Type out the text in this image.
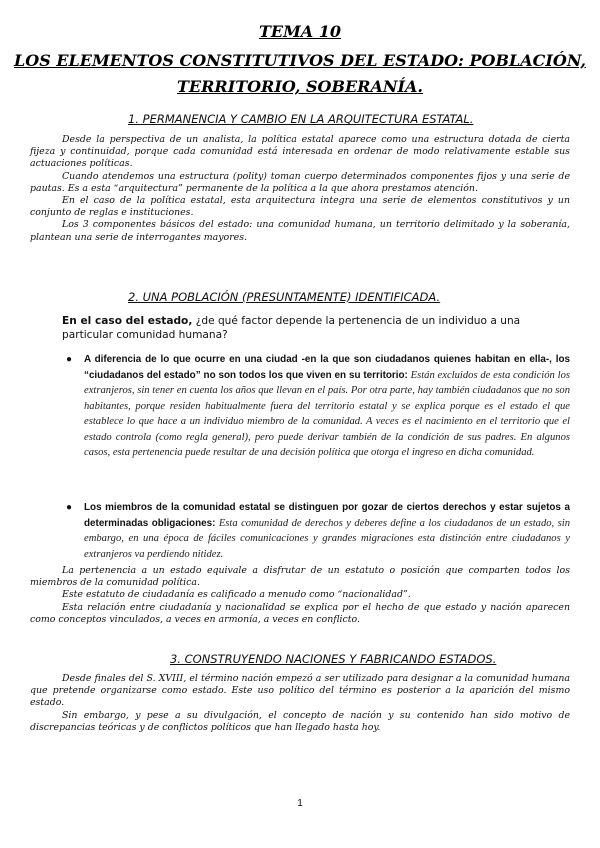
TEMA 10
LOS ELEMENTOS CONSTITUTIVOS DEL ESTADO: POBLACIÓN, TERRITORIO, SOBERANÍA.
1. PERMANENCIA Y CAMBIO EN LA ARQUITECTURA ESTATAL.

Desde la perspectiva de un analista, la política estatal aparece como una estructura dotada de cierta fijeza y continuidad, porque cada comunidad está interesada en ordenar de modo relativamente estable sus actuaciones políticas.

Cuando atendemos una estructura (polity) toman cuerpo determinados componentes fijos y una serie de pautas. Es a esta “arquitectura” permanente de la política a la que ahora prestamos atención.

En el caso de la política estatal, esta arquitectura integra una serie de elementos constitutivos y un conjunto de reglas e instituciones.

Los 3 componentes básicos del estado: una comunidad humana, un territorio delimitado y la soberanía, plantean una serie de interrogantes mayores.

2. UNA POBLACIÓN (PRESUNTAMENTE) IDENTIFICADA.
En el caso del estado, ¿de qué factor depende la pertenencia de un individuo a una particular comunidad humana?
● A diferencia de lo que ocurre en una ciudad -en la que son ciudadanos quienes habitan en ella-, los “ciudadanos del estado” no son todos los que viven en su territorio: Están excluidos de esta condición los extranjeros, sin tener en cuenta los años que llevan en el país. Por otra parte, hay también ciudadanos que no son habitantes, porque residen habitualmente fuera del territorio estatal y se explica porque es el estado el que establece lo que hace a un individuo miembro de la comunidad. A veces es el nacimiento en el territorio que el estado controla (como regla general), pero puede derivar también de la condición de sus padres. En algunos casos, esta pertenencia puede resultar de una decisión política que otorga el ingreso en dicha comunidad.
● Los miembros de la comunidad estatal se distinguen por gozar de ciertos derechos y estar sujetos a determinadas obligaciones: Esta comunidad de derechos y deberes define a los ciudadanos de un estado, sin embargo, en una época de fáciles comunicaciones y grandes migraciones esta distinción entre ciudadanos y extranjeros va perdiendo nitidez.

La pertenencia a un estado equivale a disfrutar de un estatuto o posición que comparten todos los miembros de la comunidad política.

Este estatuto de ciudadanía es calificado a menudo como “nacionalidad”.

Esta relación entre ciudadanía y nacionalidad se explica por el hecho de que estado y nación aparecen como conceptos vinculados, a veces en armonía, a veces en conflicto.

3. CONSTRUYENDO NACIONES Y FABRICANDO ESTADOS.

Desde finales del S. XVIII, el término nación empezó a ser utilizado para designar a la comunidad humana que pretende organizarse como estado. Este uso político del término es posterior a la aparición del mismo estado.

Sin embargo, y pese a su divulgación, el concepto de nación y su contenido han sido motivo de discrepancias teóricas y de conflictos políticos que han llegado hasta hoy.

1
